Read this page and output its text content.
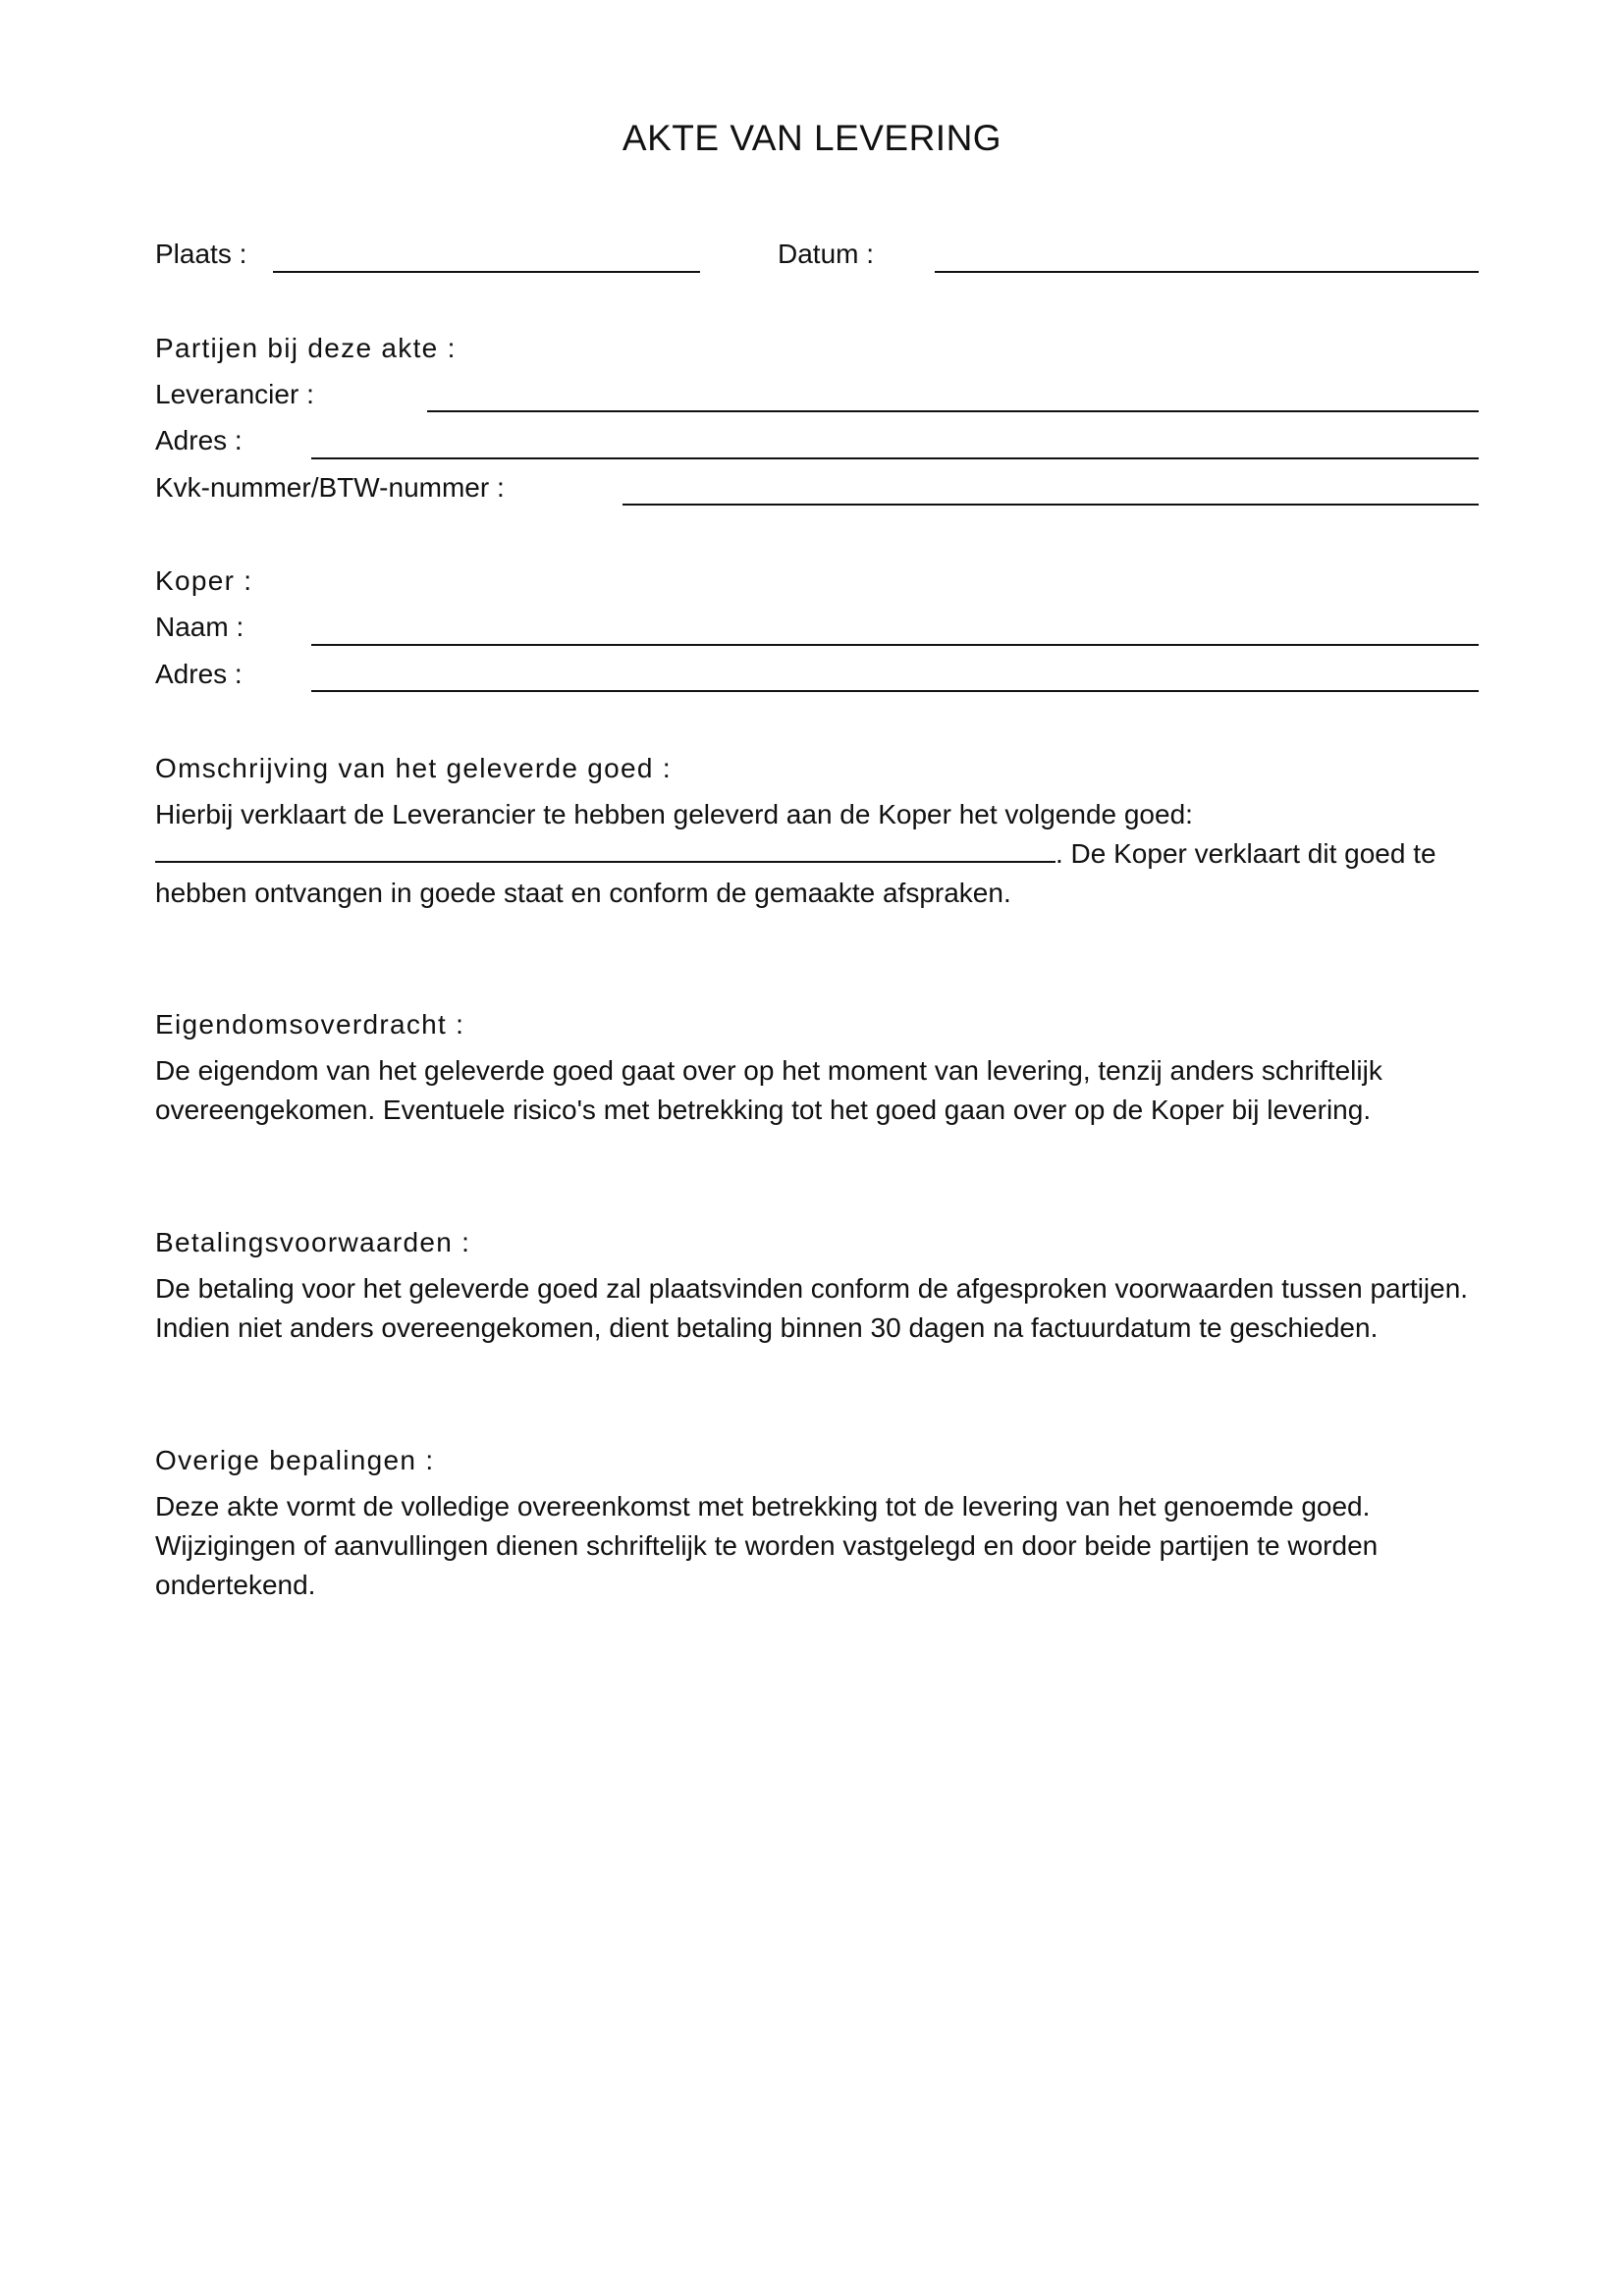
AKTE VAN LEVERING
Plaats :	Datum :
Partijen bij deze akte :
Leverancier :
Adres :
Kvk-nummer/BTW-nummer :
Koper :
Naam :
Adres :
Omschrijving van het geleverde goed :

Hierbij verklaart de Leverancier te hebben geleverd aan de Koper het volgende goed:

. De Koper verklaart dit goed te

hebben ontvangen in goede staat en conform de gemaakte afspraken.

Eigendomsoverdracht :

De eigendom van het geleverde goed gaat over op het moment van levering, tenzij anders schriftelijk

overeengekomen. Eventuele risico's met betrekking tot het goed gaan over op de Koper bij levering.

Betalingsvoorwaarden :

De betaling voor het geleverde goed zal plaatsvinden conform de afgesproken voorwaarden tussen partijen.

Indien niet anders overeengekomen, dient betaling binnen 30 dagen na factuurdatum te geschieden.

Overige bepalingen :

Deze akte vormt de volledige overeenkomst met betrekking tot de levering van het genoemde goed.

Wijzigingen of aanvullingen dienen schriftelijk te worden vastgelegd en door beide partijen te worden

ondertekend.
